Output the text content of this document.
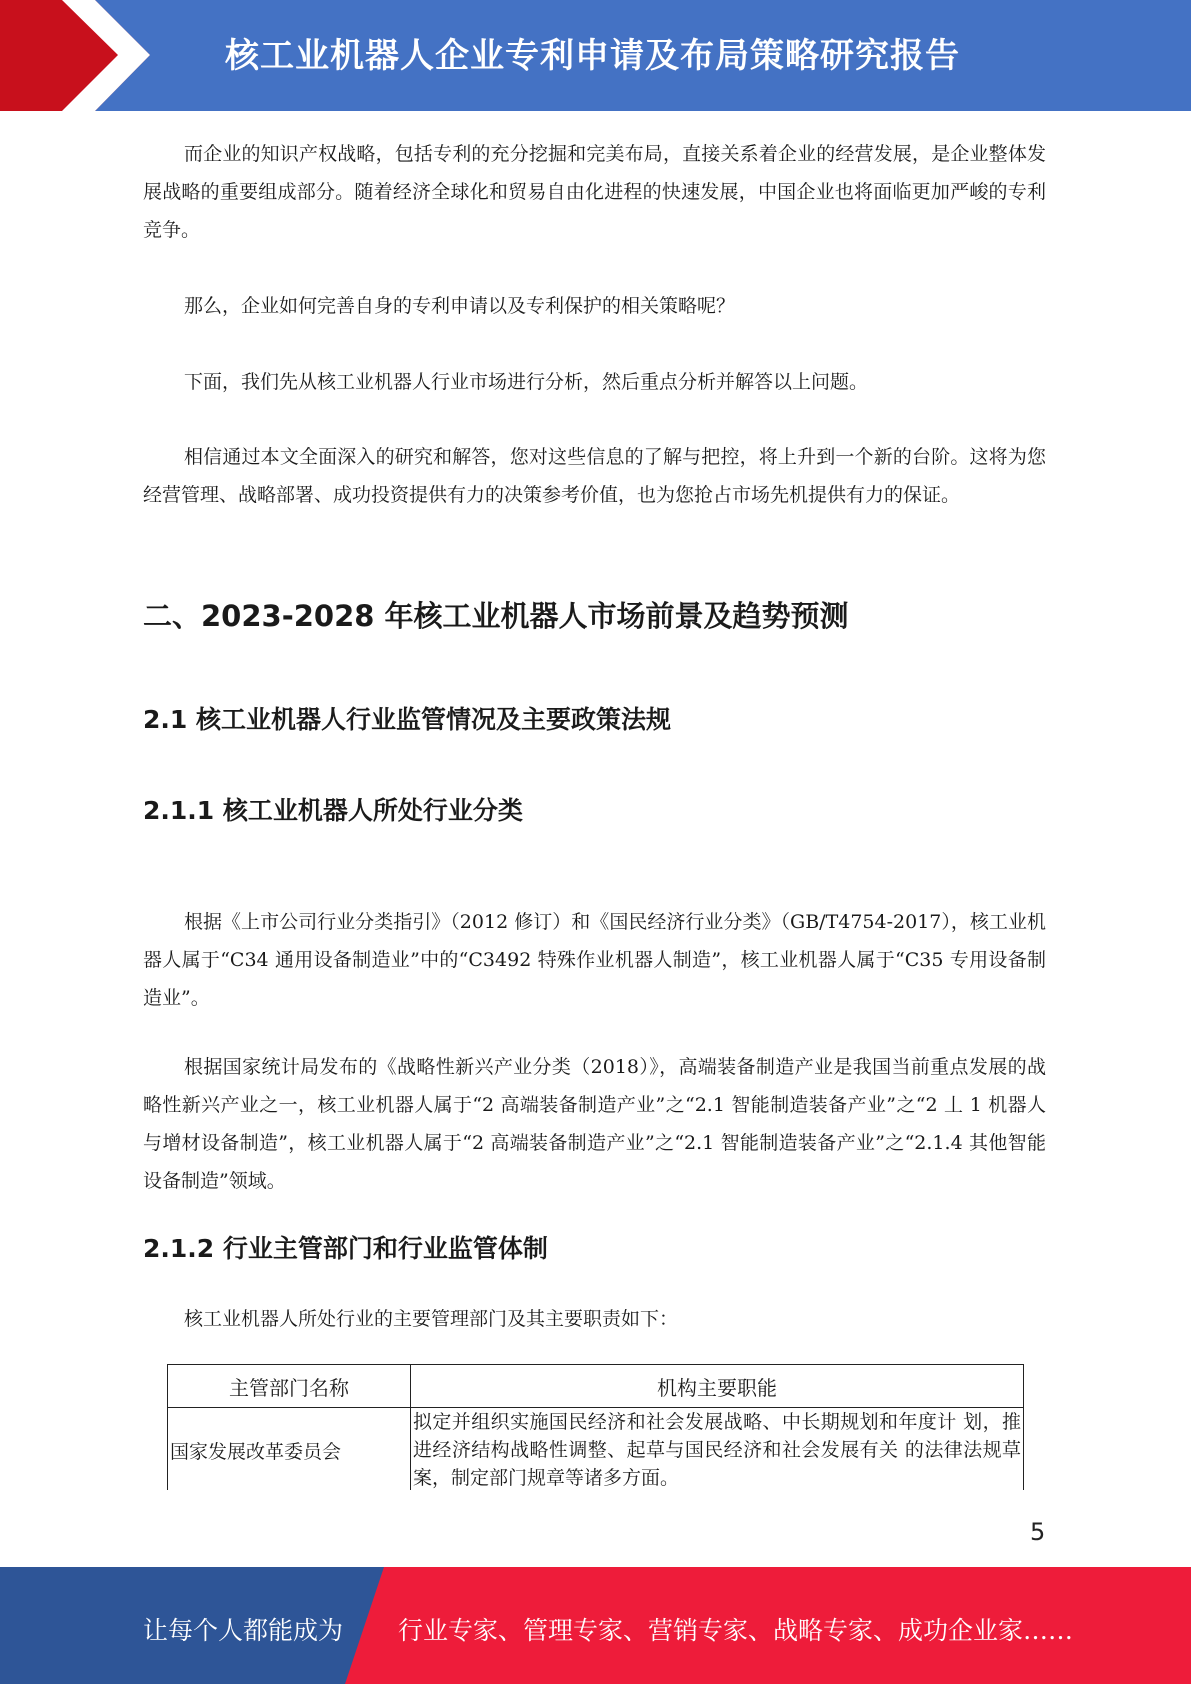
核工业机器人企业专利申请及布局策略研究报告

而企业的知识产权战略，包括专利的充分挖掘和完美布局，直接关系着企业的经营发展，是企业整体发展战略的重要组成部分。随着经济全球化和贸易自由化进程的快速发展，中国企业也将面临更加严峻的专利竞争。

那么，企业如何完善自身的专利申请以及专利保护的相关策略呢？

下面，我们先从核工业机器人行业市场进行分析，然后重点分析并解答以上问题。

相信通过本文全面深入的研究和解答，您对这些信息的了解与把控，将上升到一个新的台阶。这将为您经营管理、战略部署、成功投资提供有力的决策参考价值，也为您抢占市场先机提供有力的保证。

二、2023-2028 年核工业机器人市场前景及趋势预测
2.1 核工业机器人行业监管情况及主要政策法规
2.1.1 核工业机器人所处行业分类

根据《上市公司行业分类指引》（2012 修订）和《国民经济行业分类》（GB/T4754-2017），核工业机器人属于“C34 通用设备制造业”中的“C3492 特殊作业机器人制造”，核工业机器人属于“C35 专用设备制造业”。

根据国家统计局发布的《战略性新兴产业分类（2018）》，高端装备制造产业是我国当前重点发展的战略性新兴产业之一，核工业机器人属于“2 高端装备制造产业”之“2.1 智能制造装备产业”之“2 丄 1 机器人与增材设备制造”，核工业机器人属于“2 高端装备制造产业”之“2.1 智能制造装备产业”之“2.1.4 其他智能设备制造”领域。

2.1.2 行业主管部门和行业监管体制

核工业机器人所处行业的主要管理部门及其主要职责如下：

主管部门名称	机构主要职能
国家发展改革委员会	拟定并组织实施国民经济和社会发展战略、中长期规划和年度计 划，推进经济结构战略性调整、起草与国民经济和社会发展有关 的法律法规草案，制定部门规章等诸多方面。
5
让每个人都能成为 行业专家、管理专家、营销专家、战略专家、成功企业家……
